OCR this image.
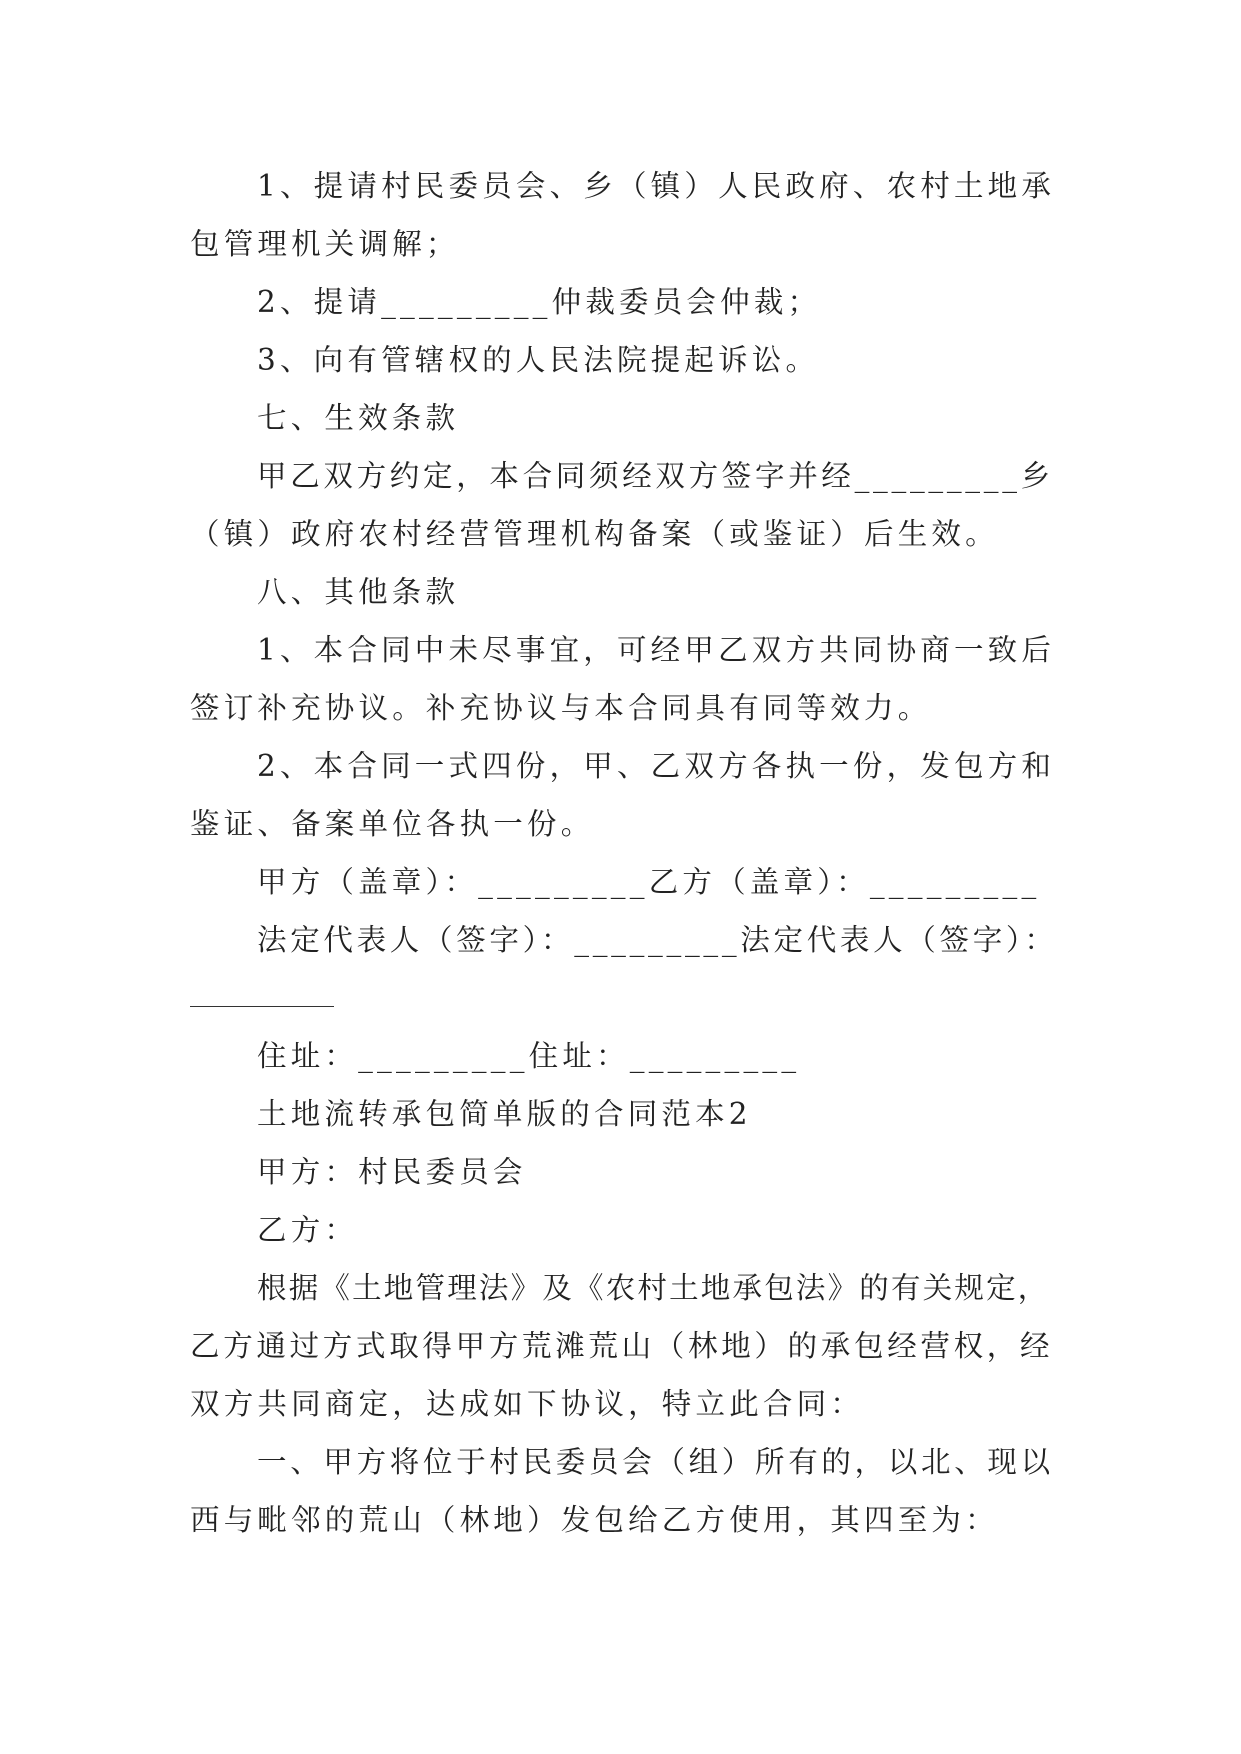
1、提请村民委员会、乡（镇）人民政府、农村土地承
包管理机关调解；
2、提请_________仲裁委员会仲裁；
3、向有管辖权的人民法院提起诉讼。
七、生效条款
甲乙双方约定，本合同须经双方签字并经_________乡
（镇）政府农村经营管理机构备案（或鉴证）后生效。
八、其他条款
1、本合同中未尽事宜，可经甲乙双方共同协商一致后
签订补充协议。补充协议与本合同具有同等效力。
2、本合同一式四份，甲、乙双方各执一份，发包方和
鉴证、备案单位各执一份。
甲方（盖章）：_________乙方（盖章）：_________
法定代表人（签字）：_________法定代表人（签字）：
住址：_________住址：_________
土地流转承包简单版的合同范本2
甲方：村民委员会
乙方：
根据《土地管理法》及《农村土地承包法》的有关规定，
乙方通过方式取得甲方荒滩荒山（林地）的承包经营权，经
双方共同商定，达成如下协议，特立此合同：
一、甲方将位于村民委员会（组）所有的，以北、现以
西与毗邻的荒山（林地）发包给乙方使用，其四至为：
